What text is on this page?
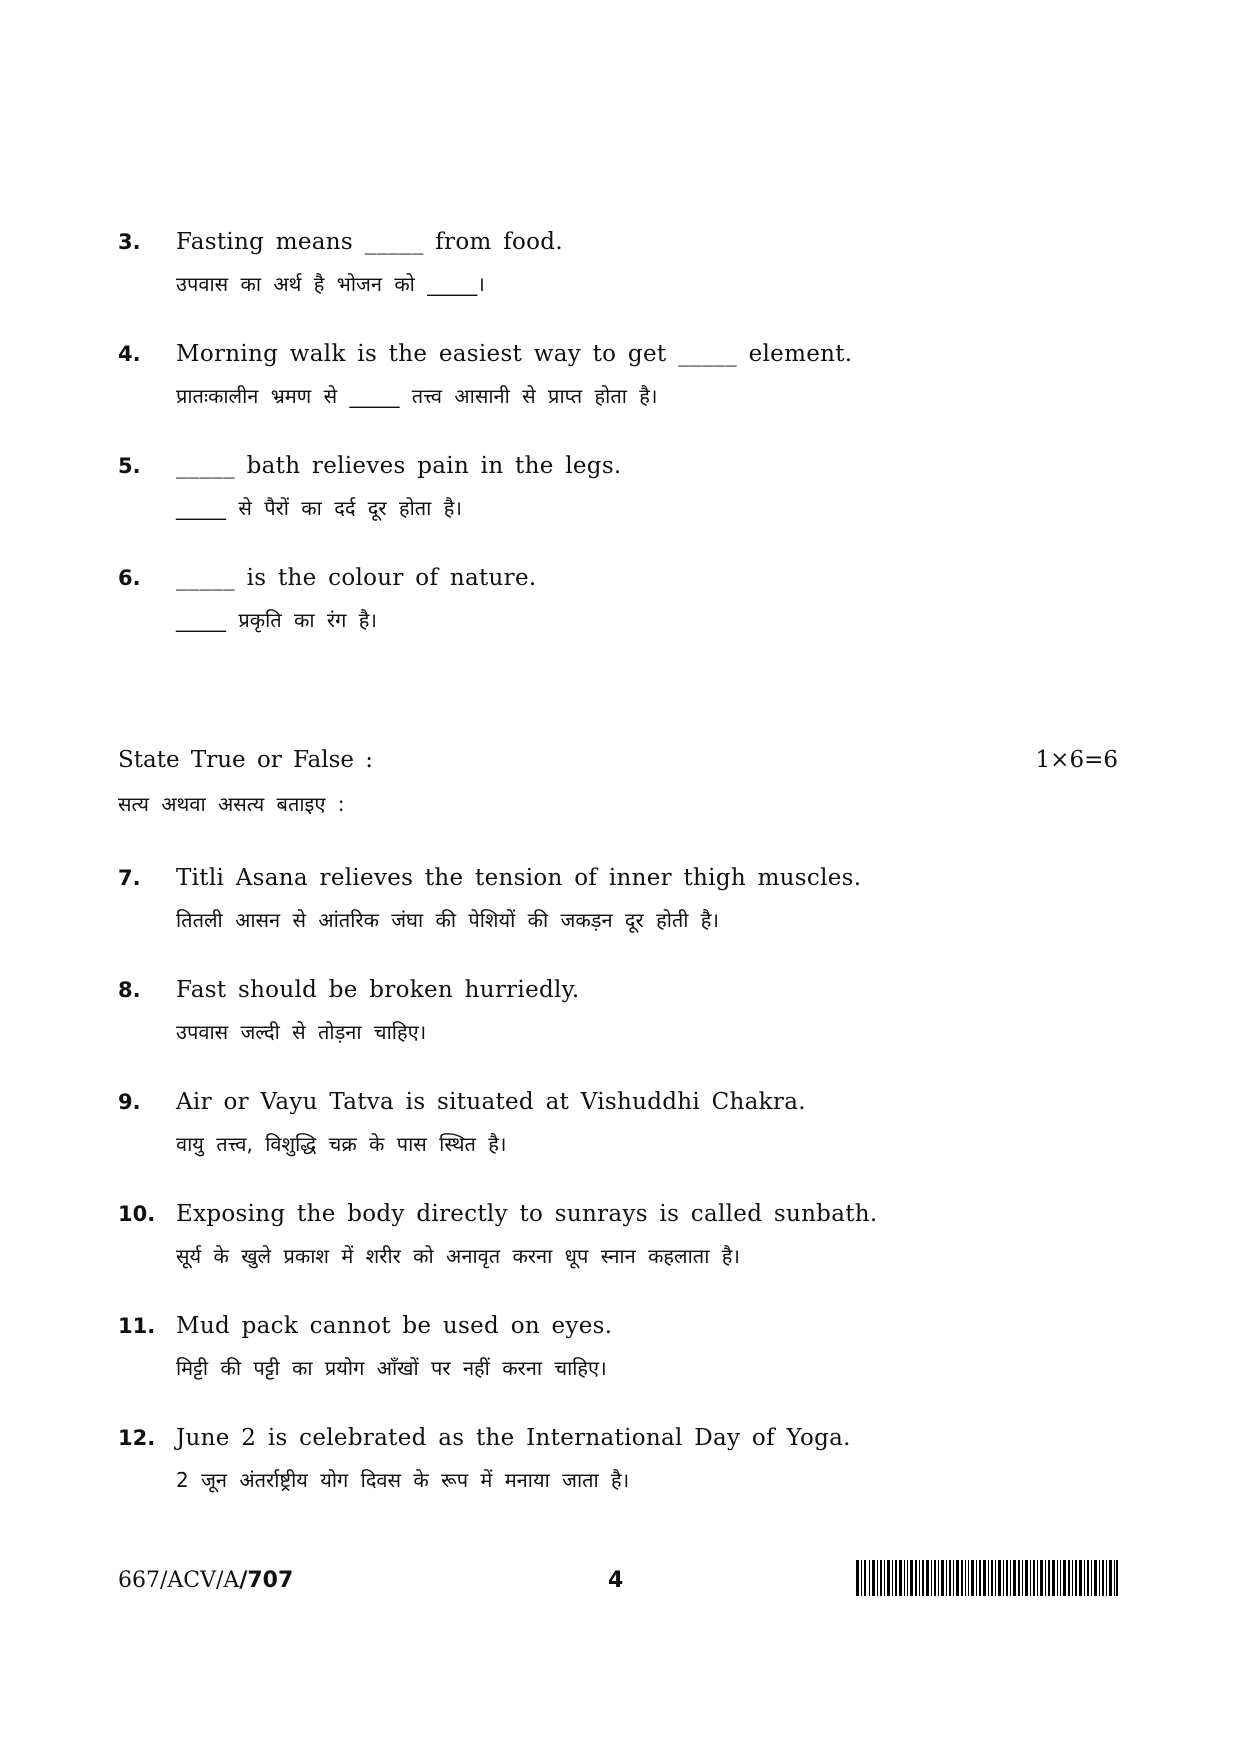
3.	Fasting means _____ from food.
उपवास का अर्थ है भोजन को _____।
4.	Morning walk is the easiest way to get _____ element.
प्रातःकालीन भ्रमण से _____ तत्त्व आसानी से प्राप्त होता है।
5.	_____ bath relieves pain in the legs.
_____ से पैरों का दर्द दूर होता है।
6.	_____ is the colour of nature.
_____ प्रकृति का रंग है।
State True or False :	1×6=6
सत्य अथवा असत्य बताइए :
7.	Titli Asana relieves the tension of inner thigh muscles.
तितली आसन से आंतरिक जंघा की पेशियों की जकड़न दूर होती है।
8.	Fast should be broken hurriedly.
उपवास जल्दी से तोड़ना चाहिए।
9.	Air or Vayu Tatva is situated at Vishuddhi Chakra.
वायु तत्त्व, विशुद्धि चक्र के पास स्थित है।
10. Exposing the body directly to sunrays is called sunbath.
सूर्य के खुले प्रकाश में शरीर को अनावृत करना धूप स्नान कहलाता है।
11. Mud pack cannot be used on eyes.
मिट्टी की पट्टी का प्रयोग आँखों पर नहीं करना चाहिए।
12. June 2 is celebrated as the International Day of Yoga.
2 जून अंतर्राष्ट्रीय योग दिवस के रूप में मनाया जाता है।
667/ACV/A/707	4
